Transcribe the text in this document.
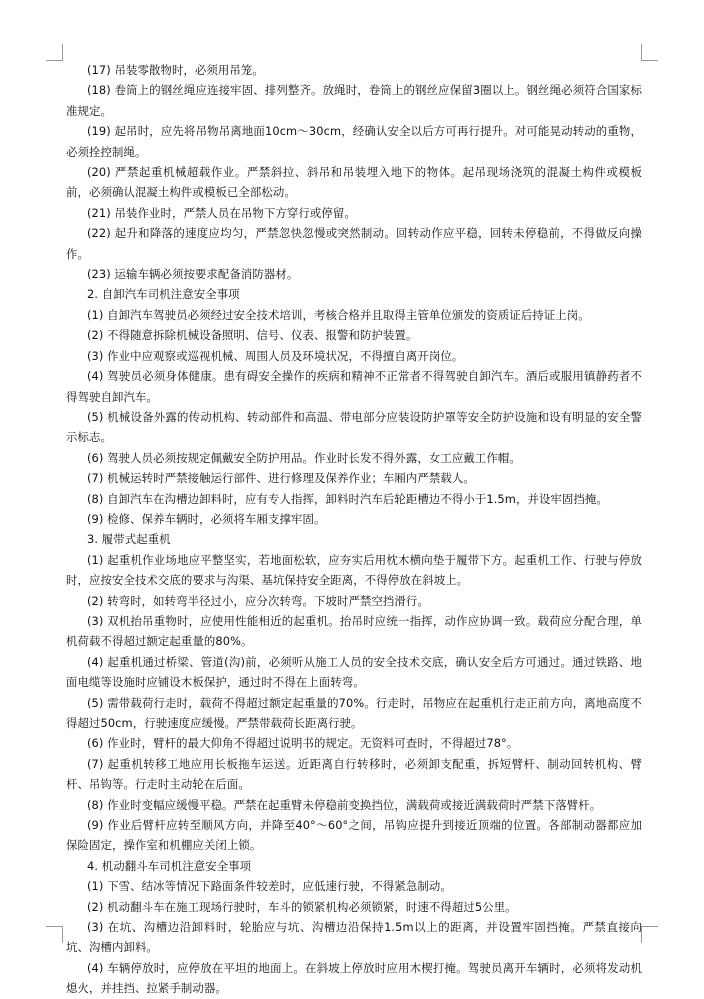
(17) 吊装零散物时，必须用吊笼。

(18) 卷筒上的钢丝绳应连接牢固、排列整齐。放绳时，卷筒上的钢丝应保留3圈以上。钢丝绳必须符合国家标准规定。

(19) 起吊时，应先将吊物吊离地面10cm～30cm，经确认安全以后方可再行提升。对可能晃动转动的重物，必须拴控制绳。

(20) 严禁起重机械超载作业。严禁斜拉、斜吊和吊装埋入地下的物体。起吊现场浇筑的混凝土构件或模板前，必须确认混凝土构件或模板已全部松动。

(21) 吊装作业时，严禁人员在吊物下方穿行或停留。

(22) 起升和降落的速度应均匀，严禁忽快忽慢或突然制动。回转动作应平稳，回转未停稳前，不得做反向操作。

(23) 运输车辆必须按要求配备消防器材。

2. 自卸汽车司机注意安全事项

(1) 自卸汽车驾驶员必须经过安全技术培训，考核合格并且取得主管单位颁发的资质证后持证上岗。

(2) 不得随意拆除机械设备照明、信号、仪表、报警和防护装置。

(3) 作业中应观察或巡视机械、周围人员及环境状况，不得擅自离开岗位。

(4) 驾驶员必须身体健康。患有碍安全操作的疾病和精神不正常者不得驾驶自卸汽车。酒后或服用镇静药者不得驾驶自卸汽车。

(5) 机械设备外露的传动机构、转动部件和高温、带电部分应装设防护罩等安全防护设施和设有明显的安全警示标志。

(6) 驾驶人员必须按规定佩戴安全防护用品。作业时长发不得外露，女工应戴工作帽。

(7) 机械运转时严禁接触运行部件、进行修理及保养作业；车厢内严禁载人。

(8) 自卸汽车在沟槽边卸料时，应有专人指挥，卸料时汽车后轮距槽边不得小于1.5m，并设牢固挡掩。

(9) 检修、保养车辆时，必须将车厢支撑牢固。

3. 履带式起重机

(1) 起重机作业场地应平整坚实，若地面松软，应夯实后用枕木横向垫于履带下方。起重机工作、行驶与停放时，应按安全技术交底的要求与沟渠、基坑保持安全距离，不得停放在斜坡上。

(2) 转弯时，如转弯半径过小，应分次转弯。下坡时严禁空挡滑行。

(3) 双机抬吊重物时，应使用性能相近的起重机。抬吊时应统一指挥，动作应协调一致。载荷应分配合理，单机荷载不得超过额定起重量的80%。

(4) 起重机通过桥梁、管道(沟)前，必须听从施工人员的安全技术交底，确认安全后方可通过。通过铁路、地面电缆等设施时应铺设木板保护，通过时不得在上面转弯。

(5) 需带载荷行走时，载荷不得超过额定起重量的70%。行走时，吊物应在起重机行走正前方向，离地高度不得超过50cm，行驶速度应缓慢。严禁带载荷长距离行驶。

(6) 作业时，臂杆的最大仰角不得超过说明书的规定。无资料可查时，不得超过78°。

(7) 起重机转移工地应用长板拖车运送。近距离自行转移时，必须卸支配重，拆短臂杆、制动回转机构、臂杆、吊钩等。行走时主动轮在后面。

(8) 作业时变幅应缓慢平稳。严禁在起重臂未停稳前变换挡位，满载荷或接近满载荷时严禁下落臂杆。

(9) 作业后臂杆应转至顺风方向，并降至40°～60°之间，吊钩应提升到接近顶端的位置。各部制动器都应加保险固定，操作室和机棚应关闭上锁。

4. 机动翻斗车司机注意安全事项

(1) 下雪、结冰等情况下路面条件较差时，应低速行驶，不得紧急制动。

(2) 机动翻斗车在施工现场行驶时，车斗的锁紧机构必须锁紧，时速不得超过5公里。

(3) 在坑、沟槽边沿卸料时，轮胎应与坑、沟槽边沿保持1.5m以上的距离，并设置牢固挡掩。严禁直接向坑、沟槽内卸料。

(4) 车辆停放时，应停放在平坦的地面上。在斜坡上停放时应用木楔打掩。驾驶员离开车辆时，必须将发动机熄火，并挂挡、拉紧手制动器。
